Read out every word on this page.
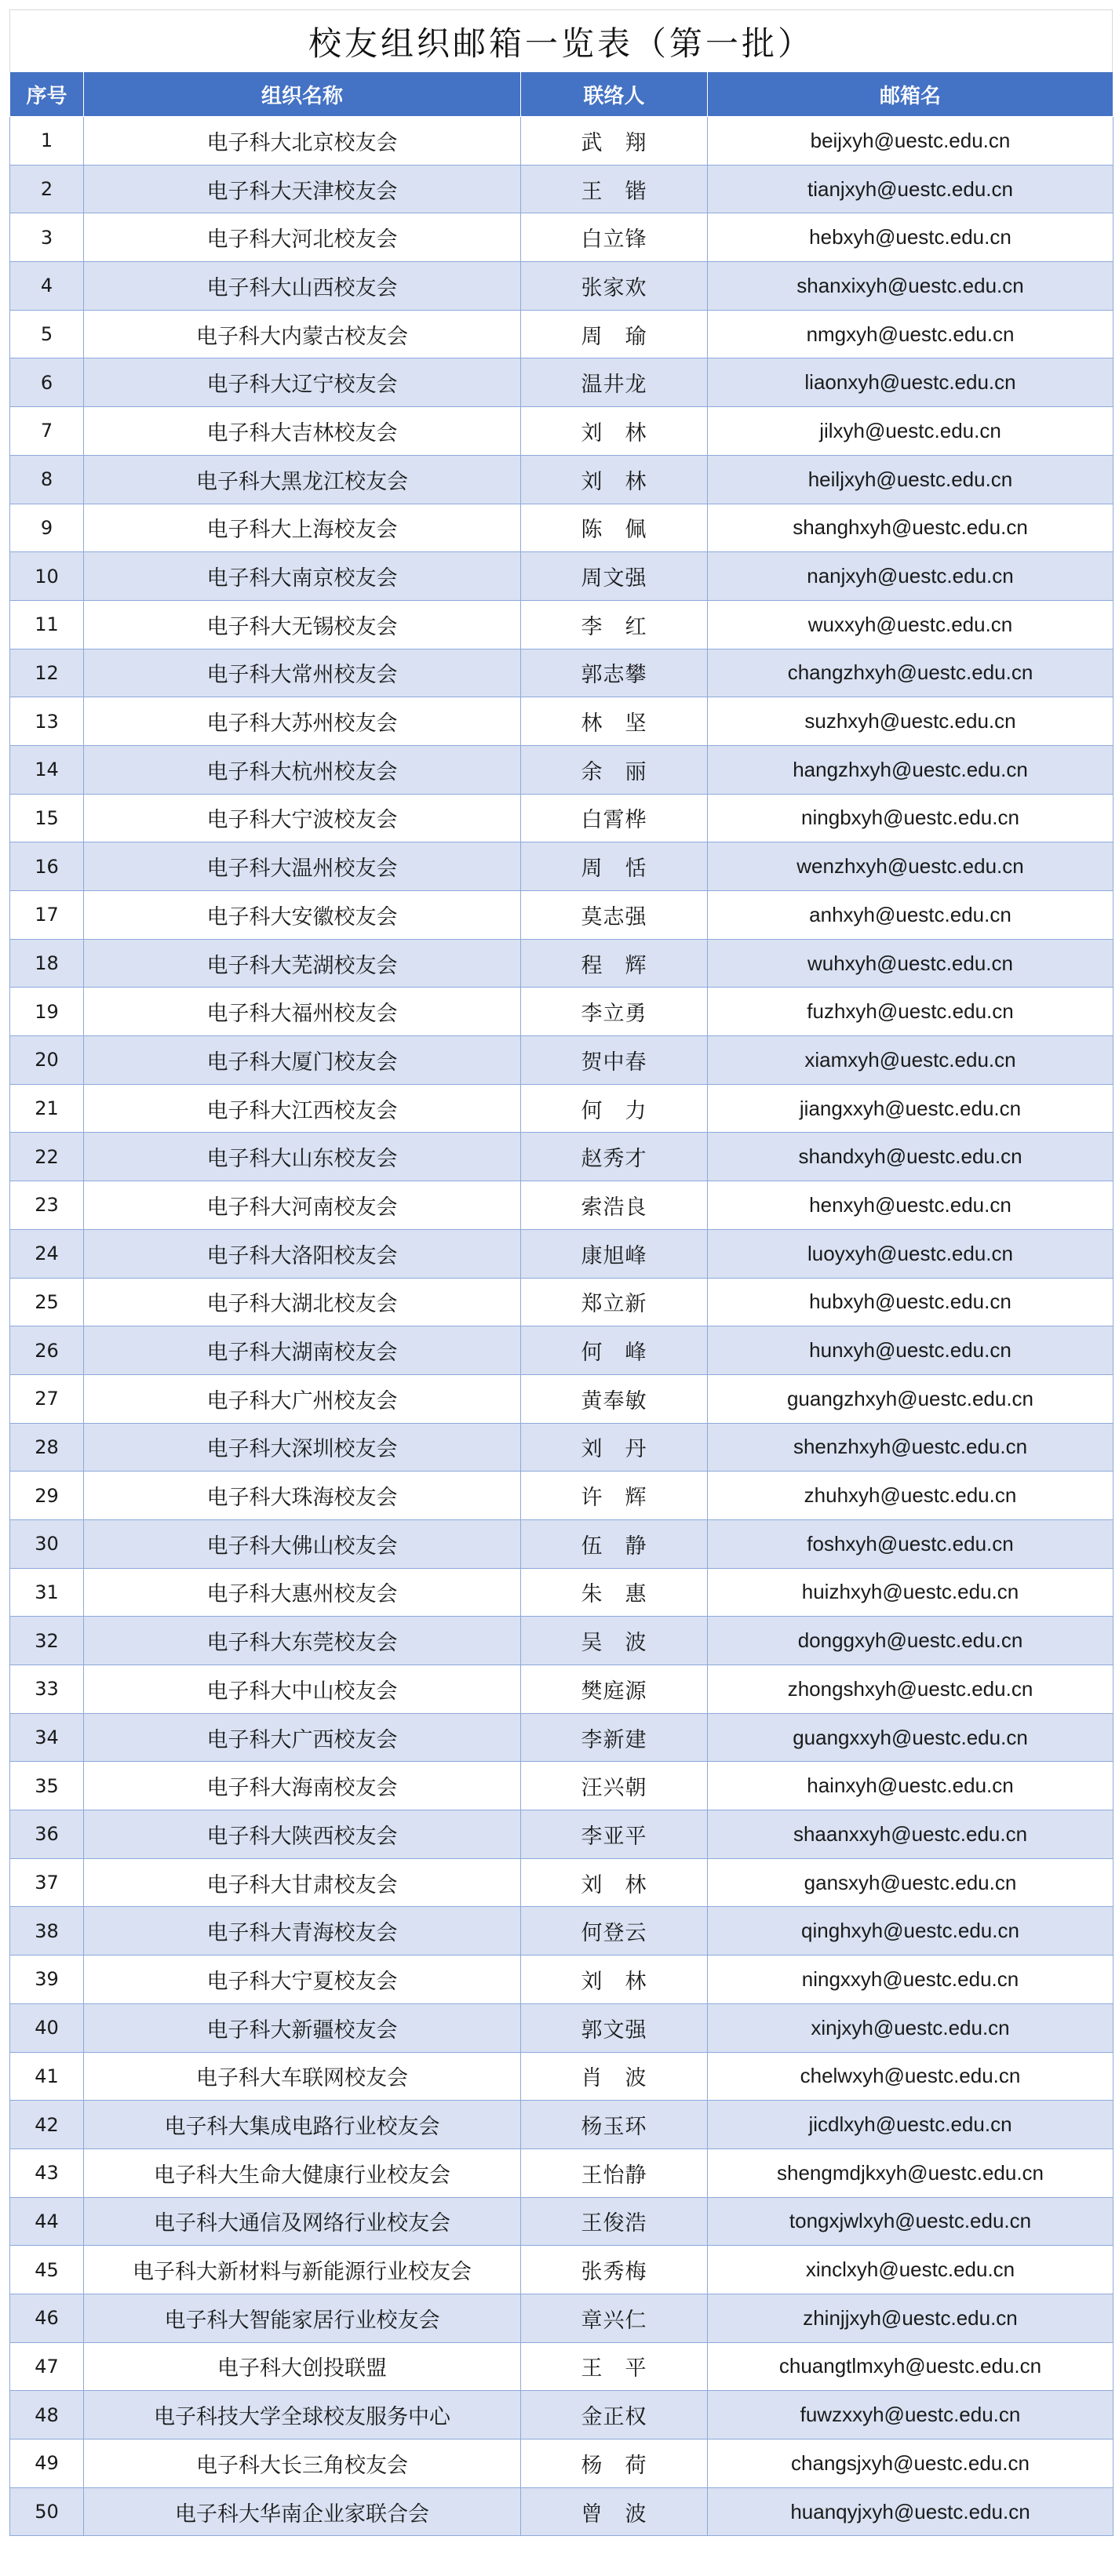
校友组织邮箱一览表（第一批）
序号	组织名称	联络人	邮箱名
1	电子科大北京校友会	武　翔	beijxyh@uestc.edu.cn
2	电子科大天津校友会	王　锴	tianjxyh@uestc.edu.cn
3	电子科大河北校友会	白立锋	hebxyh@uestc.edu.cn
4	电子科大山西校友会	张家欢	shanxixyh@uestc.edu.cn
5	电子科大内蒙古校友会	周　瑜	nmgxyh@uestc.edu.cn
6	电子科大辽宁校友会	温井龙	liaonxyh@uestc.edu.cn
7	电子科大吉林校友会	刘　林	jilxyh@uestc.edu.cn
8	电子科大黑龙江校友会	刘　林	heiljxyh@uestc.edu.cn
9	电子科大上海校友会	陈　佩	shanghxyh@uestc.edu.cn
10	电子科大南京校友会	周文强	nanjxyh@uestc.edu.cn
11	电子科大无锡校友会	李　红	wuxxyh@uestc.edu.cn
12	电子科大常州校友会	郭志攀	changzhxyh@uestc.edu.cn
13	电子科大苏州校友会	林　坚	suzhxyh@uestc.edu.cn
14	电子科大杭州校友会	余　丽	hangzhxyh@uestc.edu.cn
15	电子科大宁波校友会	白霄桦	ningbxyh@uestc.edu.cn
16	电子科大温州校友会	周　恬	wenzhxyh@uestc.edu.cn
17	电子科大安徽校友会	莫志强	anhxyh@uestc.edu.cn
18	电子科大芜湖校友会	程　辉	wuhxyh@uestc.edu.cn
19	电子科大福州校友会	李立勇	fuzhxyh@uestc.edu.cn
20	电子科大厦门校友会	贺中春	xiamxyh@uestc.edu.cn
21	电子科大江西校友会	何　力	jiangxxyh@uestc.edu.cn
22	电子科大山东校友会	赵秀才	shandxyh@uestc.edu.cn
23	电子科大河南校友会	索浩良	henxyh@uestc.edu.cn
24	电子科大洛阳校友会	康旭峰	luoyxyh@uestc.edu.cn
25	电子科大湖北校友会	郑立新	hubxyh@uestc.edu.cn
26	电子科大湖南校友会	何　峰	hunxyh@uestc.edu.cn
27	电子科大广州校友会	黄奉敏	guangzhxyh@uestc.edu.cn
28	电子科大深圳校友会	刘　丹	shenzhxyh@uestc.edu.cn
29	电子科大珠海校友会	许　辉	zhuhxyh@uestc.edu.cn
30	电子科大佛山校友会	伍　静	foshxyh@uestc.edu.cn
31	电子科大惠州校友会	朱　惠	huizhxyh@uestc.edu.cn
32	电子科大东莞校友会	吴　波	donggxyh@uestc.edu.cn
33	电子科大中山校友会	樊庭源	zhongshxyh@uestc.edu.cn
34	电子科大广西校友会	李新建	guangxxyh@uestc.edu.cn
35	电子科大海南校友会	汪兴朝	hainxyh@uestc.edu.cn
36	电子科大陕西校友会	李亚平	shaanxxyh@uestc.edu.cn
37	电子科大甘肃校友会	刘　林	gansxyh@uestc.edu.cn
38	电子科大青海校友会	何登云	qinghxyh@uestc.edu.cn
39	电子科大宁夏校友会	刘　林	ningxxyh@uestc.edu.cn
40	电子科大新疆校友会	郭文强	xinjxyh@uestc.edu.cn
41	电子科大车联网校友会	肖　波	chelwxyh@uestc.edu.cn
42	电子科大集成电路行业校友会	杨玉环	jicdlxyh@uestc.edu.cn
43	电子科大生命大健康行业校友会	王怡静	shengmdjkxyh@uestc.edu.cn
44	电子科大通信及网络行业校友会	王俊浩	tongxjwlxyh@uestc.edu.cn
45	电子科大新材料与新能源行业校友会	张秀梅	xinclxyh@uestc.edu.cn
46	电子科大智能家居行业校友会	章兴仁	zhinjjxyh@uestc.edu.cn
47	电子科大创投联盟	王　平	chuangtlmxyh@uestc.edu.cn
48	电子科技大学全球校友服务中心	金正权	fuwzxxyh@uestc.edu.cn
49	电子科大长三角校友会	杨　荷	changsjxyh@uestc.edu.cn
50	电子科大华南企业家联合会	曾　波	huanqyjxyh@uestc.edu.cn
